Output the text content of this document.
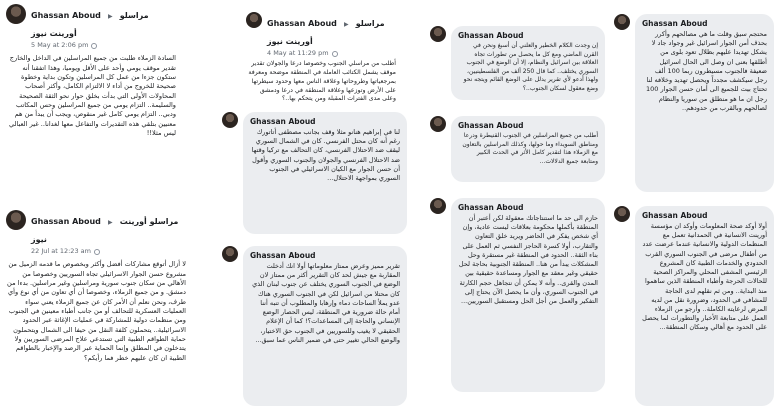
Ghassan Aboud ▶ مراسلو أورينت نيوز
5 May at 2:06 pm
السادة الزملاء طلبت من جميع المراسلين في الداخل والخارج تقدير موقف يومي وأحد على الأقل ويوميا، وهذا اتفقنا أنه ستكون جزءا من عمل كل المراسلين وتكون بداية وخطوة صحيحة للخروج من أداء لا الالتزام الكامل، وأكثر أصحاب المحاولات الأولى التي بدأت بخلق حوار نحو الثقة الصحيحة والسليمة.. التزام يومي من جميع المراسلين وحس المكاتب ودبي.. التزام يومي كامل غير منقوص، ويجب أن يبدأ من هم معنيين بتلقي هذه التقديرات والتفاعل معها لغدانا.. غير العبالي ليس مثلا!!
Ghassan Aboud ▶ مراسلو أورينت نيوز
22 Jul at 12:23 am
لا أزال أتوقع مشاركات أفضل وأكثر وبخصوص ما قدمه الزميل من مشروع حسن الجوار الاسرائيلي تجاه السوريين وخصوصا من الأهالي من سكان جنوب سورية ومراسلين وغير مراسلين. بدءا من دمشق. و من جميع الزملاء، وخصوصا أن أي تعاون من أي نوع وأي طرف، ونحن نعلم أن الأمر كان عن جميع الزملاء يعني سواء العمليات العسكرية للتحالف أو من جانب أطباء معينين في الجنوب ومن منظمات دولية للمشاركة في عمليات الإغاثة عبر الحدود الاسرائيلية.. يتحملون كلفة النقل من حيفا الى الشمال ويتحملون حماية الطواقم الطبية التي تستدعي علاج المرضى السوريين ولا يتدخلون في المطلق وإنما الحماية عبر الرصد والإخبار بالطواقم الطبية ان كان عليهم خطر فما رأيكم؟
Ghassan Aboud ▶ مراسلو أورينت نيوز
4 May at 11:29 pm
أطلب من مراسلي الجنوب وخصوصا درعا والجولان تقدير موقف يشمل الكتائب العاملة في المنطقة موضحة ومعرفة بمرجعياتها وطروحاتها وعلاقة الناس معها وحدود سيطرتها على الأرض وتوزعها وعلاقة المنطقة في درعا ودمشق وعلى مدى الفترات المقبلة ومن يتحكم بها..؟
Ghassan Aboud
لنا في إبراهيم هنانو مثلا وقف بجانب مصطفى أتاتورك رغم أنه كان محتل الفرنسي. كان في الشمال السوري ليقف ضد الاحتلال الفرنسي، كان التحالف مع تركيا وقتها ضد الاحتلال الفرنسي والجولان والجنوب السوري وأقول أن حسن الجوار مع الكيان الاسرائيلي في الجنوب السوري بمواجهة الاحتلال...
Ghassan Aboud
تقرير مميز وعرض ممتاز معلوماتها أولا انك أدخلت المقاربة مع جيش لحد كان التقرير أكثر من ممتاز لان الوضع في الجنوب السوري يختلف عن جنوب لبنان الذي كان محتلا من اسرائيل لكن في الجنوب السوري هناك عدو يملأ الساحات دماء وإرهابا والمطلوب أن تنبه أننا أمام حالة ضرورية في المنطقة، ليس الحصار الوضع الإنساني والحاجة إلى المساعدات؟! كما أن الإعلام الحقيقي لا يغيب وللسوريين في الجنوب حق الاختيار، والوضع الحالي تغيير حتى في ضمير الناس عما سبق...
Ghassan Aboud
إن وجدت الكلام الخطير والعلني أن أسبغ ونحن في القرن الماضي ومع كل ما يحصل من تطورات تجاه العلاقة بين اسرائيل والنظام، إلا أن الوضع في الجنوب السوري يختلف.. كما قال 250 ألف من الفلسطينيين، ولهذا أدعو لأي تقرير يدلل على الوضع القائم ويتجه نحو وضع معقول لسكان الجنوب..؟
Ghassan Aboud
أطلب من جميع المراسلين في الجنوب القنيطرة ودرعا ومناطق السويداء وما حولها، وكذلك المراسلين بالتعاون مع الزملاء هذا لتقدير كامل الأثر في الحدث الكبير ومتابعة جميع الدلالات...
Ghassan Aboud
حازم الى حد ما استنتاجاتك معقولة لكن أعتبر أن المنطقة بأكملها محكومة بعلاقات ليست عادية، وإن أي شخص يفكر في الحاضر ويريد خلق التعاون والتقارب، أولا كسرة الحاجز النفسي ثم العمل على بناء الثقة.. الحدود في المنطقة غير مستقرة وحل المشكلات يبدأ من هنا.. المنطقة الجنوبية بحاجة لحل حقيقي وغير معقد مع الجوار ومساعدة حقيقية بين المدن والقرى.. وأنه لا يمكن أن نتجاهل حجم الكارثة في الجنوب السوري، وأن ما يحصل الآن يحتاج إلى التفكير والعمل من أجل الحل ومستقبل السوريين...
Ghassan Aboud
محتجم سيق وقلت ما هي مصالحهم وأكرر بحذف أمن الجوار اسرائيل غير وجواد جاد لا يشكل تهديدا عليهم بظلال تعود بلوى من أطلقها بعنى ان وصل الى الحال اسرائيل ضعيفة فالجنوب مسيطرون ربما 100 ألف رجل سيكشف مجدداً ويحصل تهديد وخلافه لنا تحتاج بيت للجميع الى أمان حسن الجوار 100 رجل ان ما هو منطلق من سوريا والنظام لصالحهم وبالقرب من حدودهم..
Ghassan Aboud
أولا أوكد صحة المعلومات وأوكد ان مؤسسة أورينت الانسانية في الحمدانية تعمل مع المنظمات الدولية والانسانية عندما عرضت عدد من أطفال مرضى في الجنوب السوري القرب الحدودي والخدمات الطبية كان المشروع الرئيسي المشفى المحلي والمراكز الصحية للحالات الحرجة وأطباء المنطقة الذين ساهموا منذ البداية.. ومن ثم نقلهم لدى الحاجة للمشافي في الحدود، وضرورة نقل من لديه المرض لرعايته الكاملة.. وأرجو من الزملاء العمل على متابعة الأخبار والتطورات لما يحصل على الحدود مع أهالي وسكان المنطقة...
